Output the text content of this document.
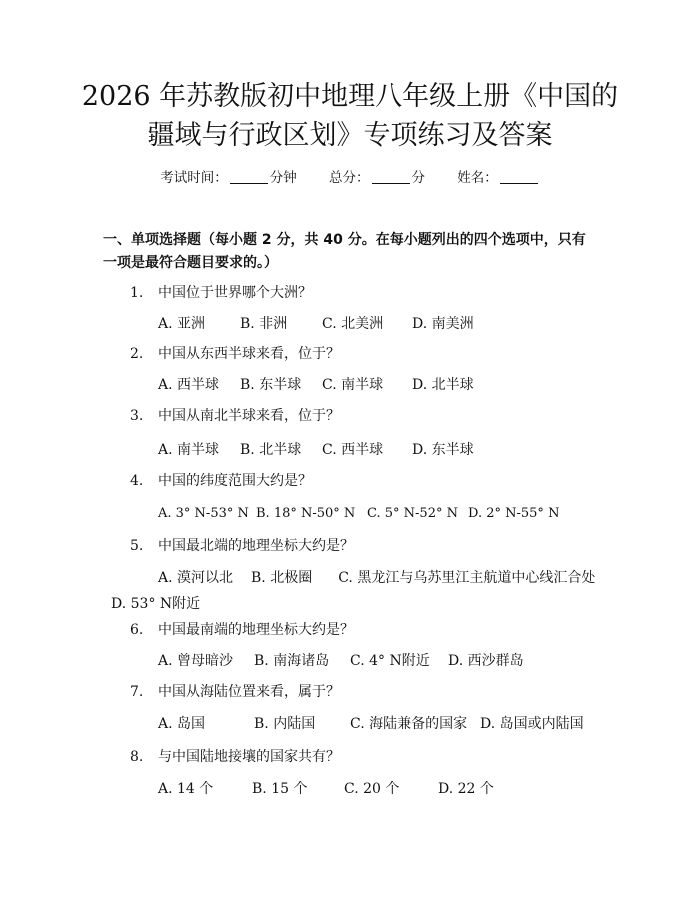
2026 年苏教版初中地理八年级上册《中国的
疆域与行政区划》专项练习及答案
考试时间：	分钟 总分：	分 姓名：
一、单项选择题（每小题 2 分，共 40 分。在每小题列出的四个选项中，只有一项是最符合题目要求的。）
1. 中国位于世界哪个大洲？
A. 亚洲 B. 非洲 C. 北美洲 D. 南美洲
2. 中国从东西半球来看，位于？
A. 西半球 B. 东半球 C. 南半球 D. 北半球
3. 中国从南北半球来看，位于？
A. 南半球 B. 北半球 C. 西半球 D. 东半球
4. 中国的纬度范围大约是？
A. 3° N-53° N B. 18° N-50° N C. 5° N-52° N D. 2° N-55° N
5. 中国最北端的地理坐标大约是？
A. 漠河以北 B. 北极圈 C. 黑龙江与乌苏里江主航道中心线汇合处D. 53° N附近
6. 中国最南端的地理坐标大约是？
A. 曾母暗沙 B. 南海诸岛 C. 4° N附近 D. 西沙群岛
7. 中国从海陆位置来看，属于？
A. 岛国	B. 内陆国 C. 海陆兼备的国家 D. 岛国或内陆国
8. 与中国陆地接壤的国家共有？
A. 14 个	B. 15 个	C. 20 个	D. 22 个
